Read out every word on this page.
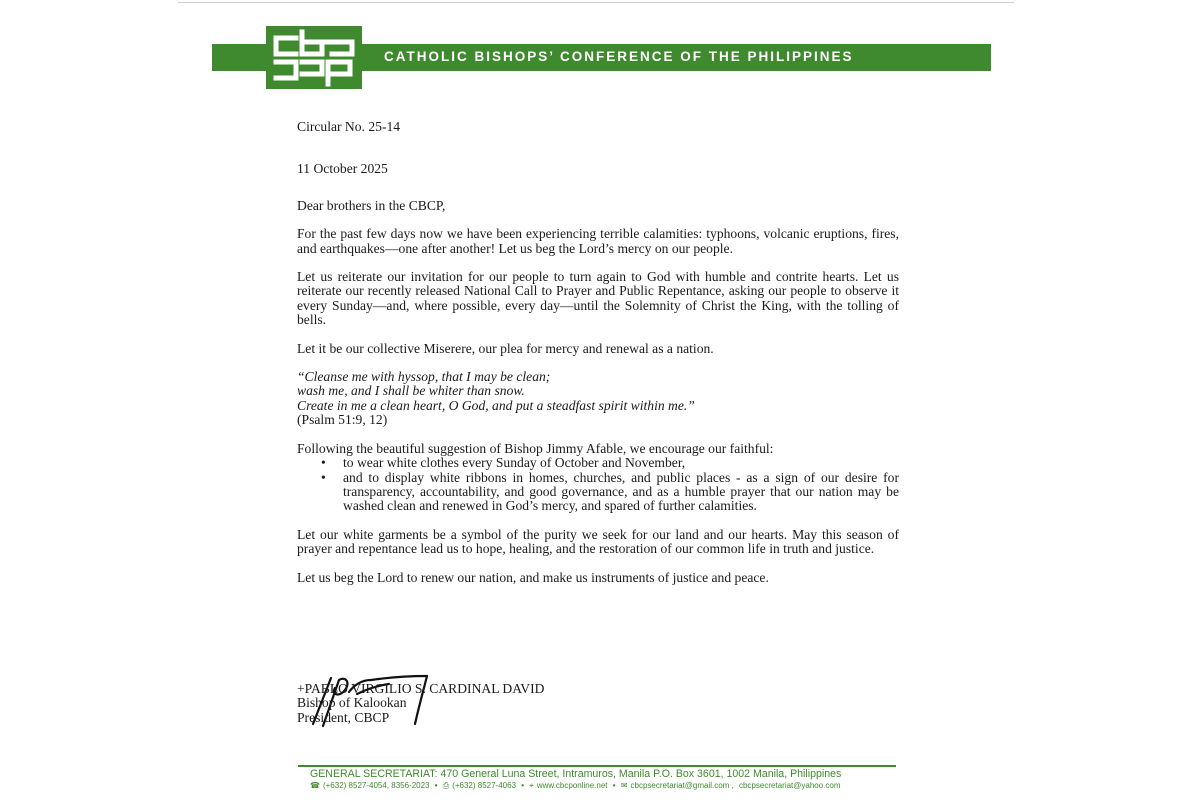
CATHOLIC BISHOPS’ CONFERENCE OF THE PHILIPPINES

Circular No. 25-14

11 October 2025

Dear brothers in the CBCP,

For the past few days now we have been experiencing terrible calamities: typhoons, volcanic eruptions, fires, and earthquakes—one after another! Let us beg the Lord’s mercy on our people.

Let us reiterate our invitation for our people to turn again to God with humble and contrite hearts. Let us reiterate our recently released National Call to Prayer and Public Repentance, asking our people to observe it every Sunday—and, where possible, every day—until the Solemnity of Christ the King, with the tolling of bells.

Let it be our collective Miserere, our plea for mercy and renewal as a nation.

“Cleanse me with hyssop, that I may be clean;

wash me, and I shall be whiter than snow.

Create in me a clean heart, O God, and put a steadfast spirit within me.”

(Psalm 51:9, 12)

Following the beautiful suggestion of Bishop Jimmy Afable, we encourage our faithful:

• to wear white clothes every Sunday of October and November,
• and to display white ribbons in homes, churches, and public places - as a sign of our desire for transparency, accountability, and good governance, and as a humble prayer that our nation may be washed clean and renewed in God’s mercy, and spared of further calamities.

Let our white garments be a symbol of the purity we seek for our land and our hearts. May this season of prayer and repentance lead us to hope, healing, and the restoration of our common life in truth and justice.

Let us beg the Lord to renew our nation, and make us instruments of justice and peace.

+PABLO VIRGILIO S. CARDINAL DAVID

Bishop of Kalookan

President, CBCP

GENERAL SECRETARIAT: 470 General Luna Street, Intramuros, Manila P.O. Box 3601, 1002 Manila, Philippines
☎ (+632) 8527-4054, 8356-2023 • ⎙ (+632) 8527-4063 • ⌖ www.cbcponline.net • ✉ cbcpsecretariat@gmail.com , cbcpsecretariat@yahoo.com
